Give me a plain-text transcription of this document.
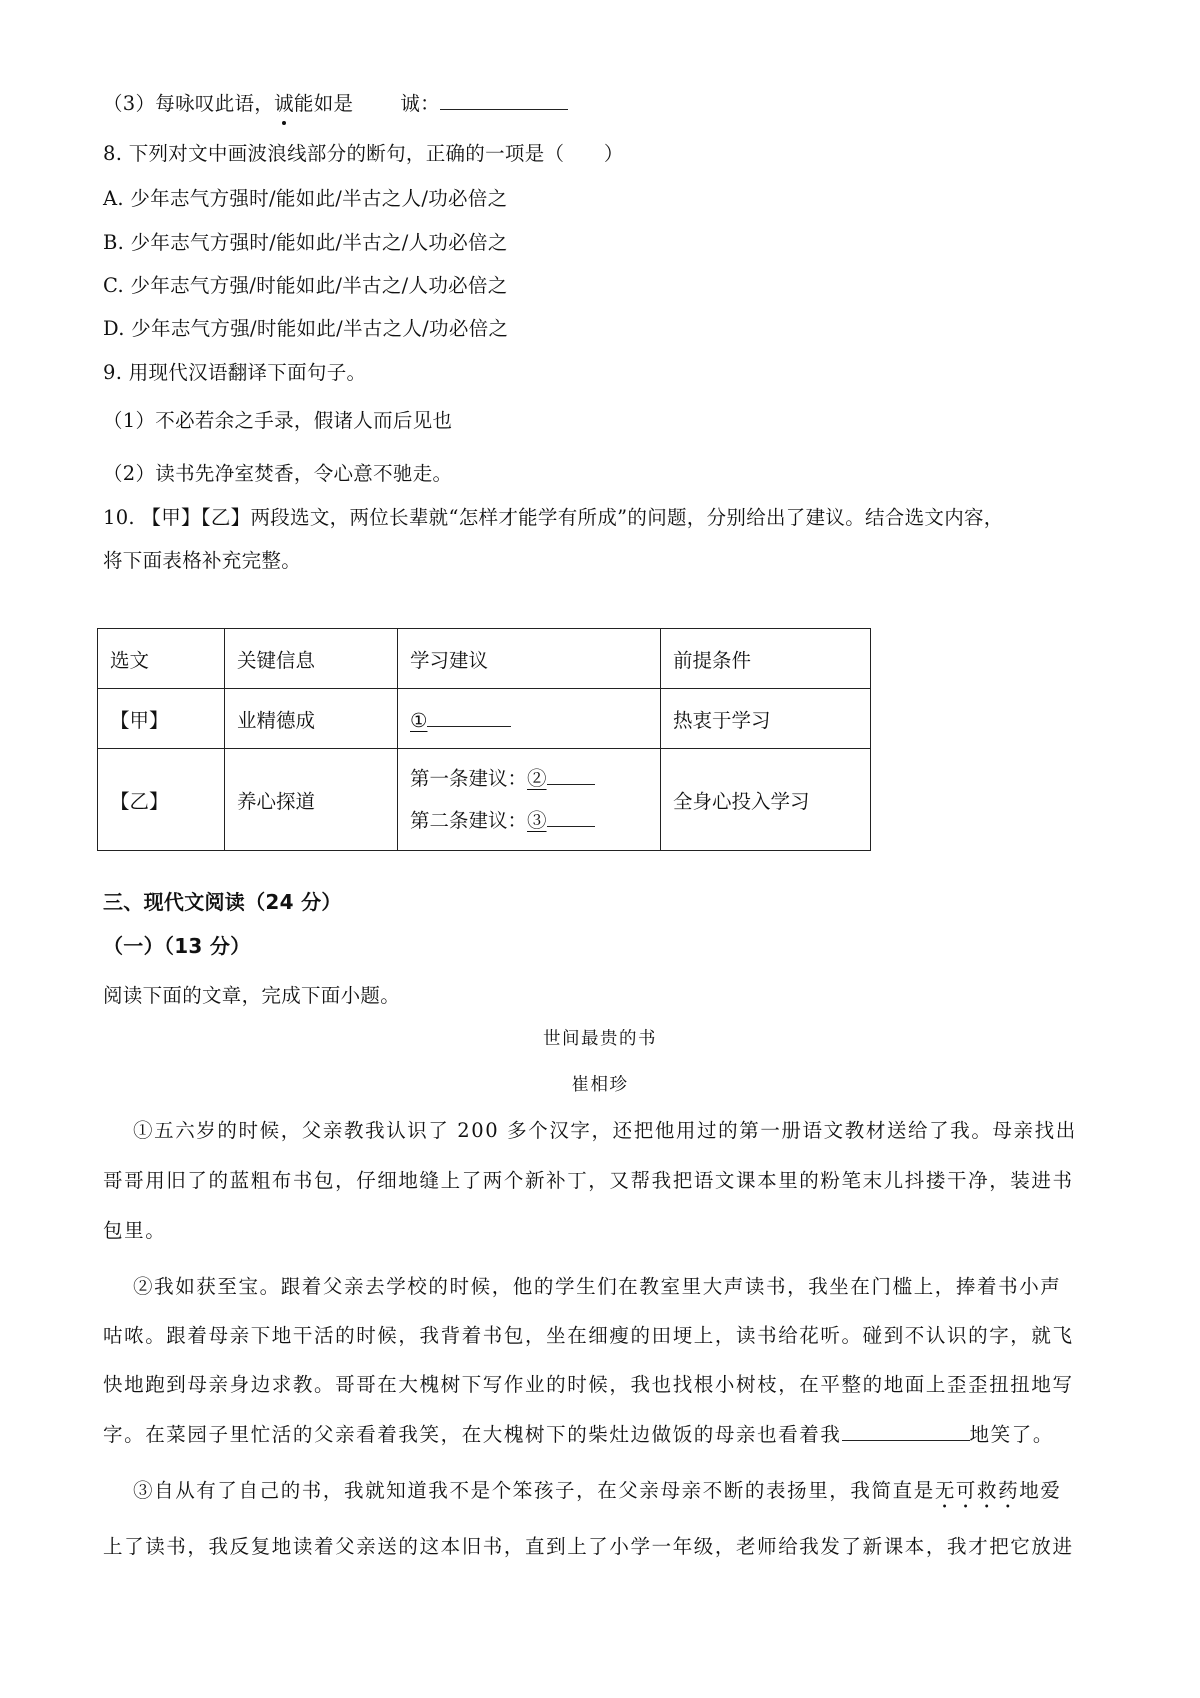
（3）每咏叹此语，诚能如是 诚：
8. 下列对文中画波浪线部分的断句，正确的一项是（　　）
A. 少年志气方强时/能如此/半古之人/功必倍之
B. 少年志气方强时/能如此/半古之/人功必倍之
C. 少年志气方强/时能如此/半古之/人功必倍之
D. 少年志气方强/时能如此/半古之人/功必倍之
9. 用现代汉语翻译下面句子。
（1）不必若余之手录，假诸人而后见也
（2）读书先净室焚香，令心意不驰走。
10. 【甲】【乙】两段选文，两位长辈就“怎样才能学有所成”的问题，分别给出了建议。结合选文内容，
将下面表格补充完整。
选文	关键信息	学习建议	前提条件
【甲】	业精德成	①	热衷于学习
【乙】	养心探道	第一条建议：②
第二条建议：③	全身心投入学习
三、现代文阅读（24 分）
（一）（13 分）
阅读下面的文章，完成下面小题。
世间最贵的书
崔相珍
①五六岁的时候，父亲教我认识了 200 多个汉字，还把他用过的第一册语文教材送给了我。母亲找出
哥哥用旧了的蓝粗布书包，仔细地缝上了两个新补丁，又帮我把语文课本里的粉笔末儿抖搂干净，装进书
包里。
②我如获至宝。跟着父亲去学校的时候，他的学生们在教室里大声读书，我坐在门槛上，捧着书小声
咕哝。跟着母亲下地干活的时候，我背着书包，坐在细瘦的田埂上，读书给花听。碰到不认识的字，就飞
快地跑到母亲身边求教。哥哥在大槐树下写作业的时候，我也找根小树枝，在平整的地面上歪歪扭扭地写
字。在菜园子里忙活的父亲看着我笑，在大槐树下的柴灶边做饭的母亲也看着我	地笑了。
③自从有了自己的书，我就知道我不是个笨孩子，在父亲母亲不断的表扬里，我简直是无可救药地爱
上了读书，我反复地读着父亲送的这本旧书，直到上了小学一年级，老师给我发了新课本，我才把它放进
